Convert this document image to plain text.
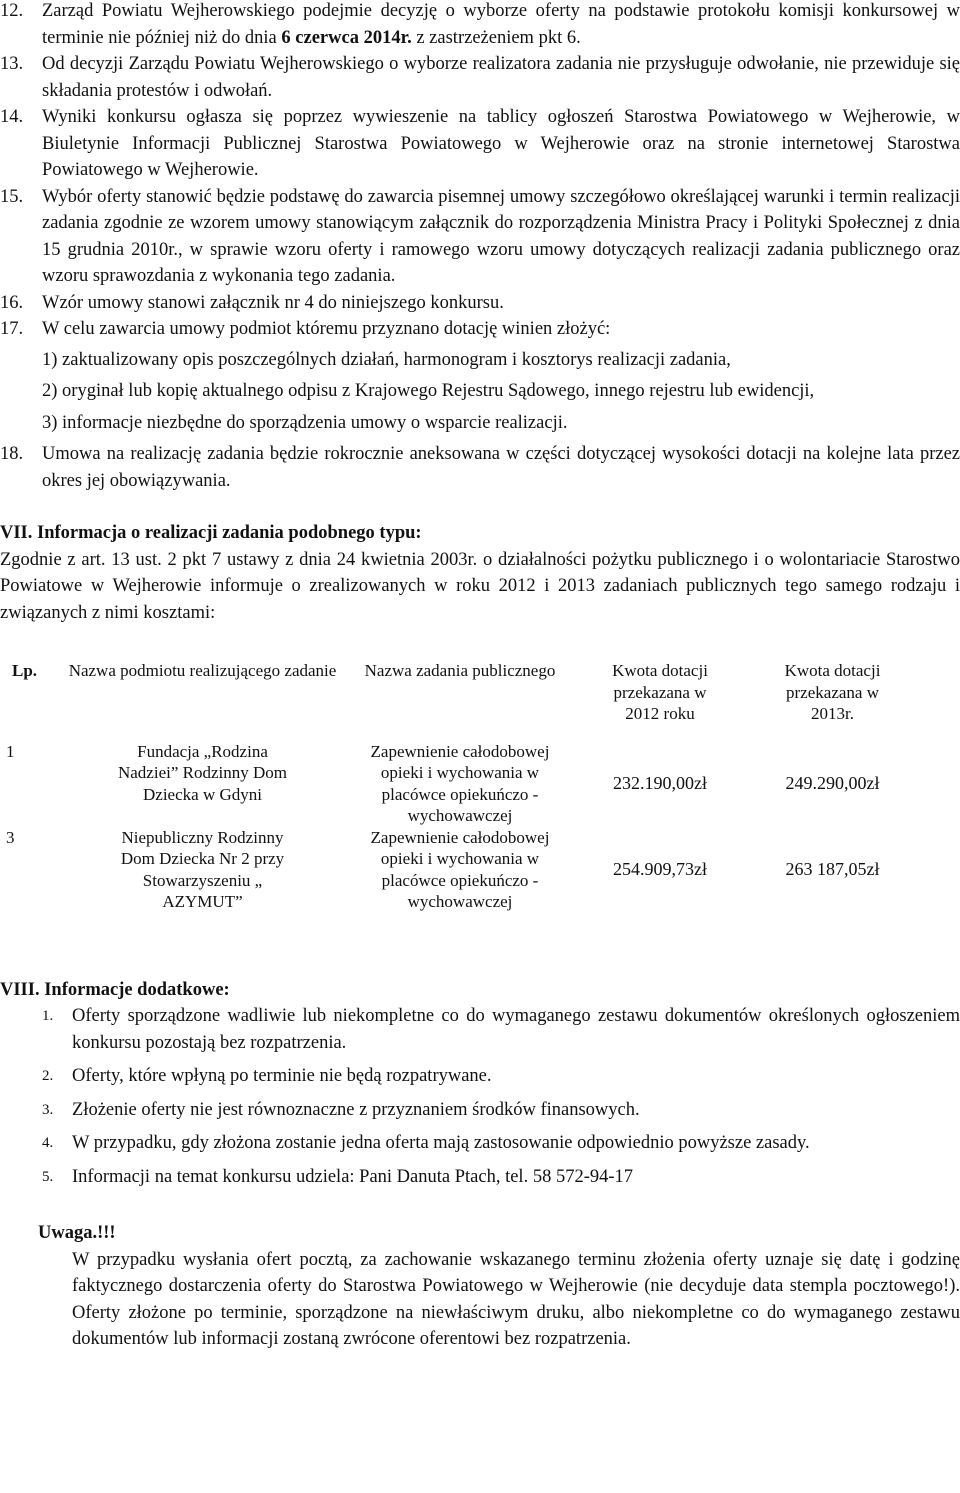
12. Zarząd Powiatu Wejherowskiego podejmie decyzję o wyborze oferty na podstawie protokołu komisji konkursowej w terminie nie później niż do dnia 6 czerwca 2014r. z zastrzeżeniem pkt 6.
13. Od decyzji Zarządu Powiatu Wejherowskiego o wyborze realizatora zadania nie przysługuje odwołanie, nie przewiduje się składania protestów i odwołań.
14. Wyniki konkursu ogłasza się poprzez wywieszenie na tablicy ogłoszeń Starostwa Powiatowego w Wejherowie, w Biuletynie Informacji Publicznej Starostwa Powiatowego w Wejherowie oraz na stronie internetowej Starostwa Powiatowego w Wejherowie.
15. Wybór oferty stanowić będzie podstawę do zawarcia pisemnej umowy szczegółowo określającej warunki i termin realizacji zadania zgodnie ze wzorem umowy stanowiącym załącznik do rozporządzenia Ministra Pracy i Polityki Społecznej z dnia 15 grudnia 2010r., w sprawie wzoru oferty i ramowego wzoru umowy dotyczących realizacji zadania publicznego oraz wzoru sprawozdania z wykonania tego zadania.
16. Wzór umowy stanowi załącznik nr 4 do niniejszego konkursu.
17. W celu zawarcia umowy podmiot któremu przyznano dotację winien złożyć:
1) zaktualizowany opis poszczególnych działań, harmonogram i kosztorys realizacji zadania,
2) oryginał lub kopię aktualnego odpisu z Krajowego Rejestru Sądowego, innego rejestru lub ewidencji,
3) informacje niezbędne do sporządzenia umowy o wsparcie realizacji.
18. Umowa na realizację zadania będzie rokrocznie aneksowana w części dotyczącej wysokości dotacji na kolejne lata przez okres jej obowiązywania.
VII. Informacja o realizacji zadania podobnego typu:
Zgodnie z art. 13 ust. 2 pkt 7 ustawy z dnia 24 kwietnia 2003r. o działalności pożytku publicznego i o wolontariacie Starostwo Powiatowe w Wejherowie informuje o zrealizowanych w roku 2012 i 2013 zadaniach publicznych tego samego rodzaju i związanych z nimi kosztami:
Lp.	Nazwa podmiotu realizującego zadanie	Nazwa zadania publicznego	Kwota dotacji przekazana w 2012 roku	Kwota dotacji przekazana w 2013r.
1	Fundacja „Rodzina Nadziei” Rodzinny Dom Dziecka w Gdyni	Zapewnienie całodobowej opieki i wychowania w placówce opiekuńczo - wychowawczej	232.190,00zł	249.290,00zł
3	Niepubliczny Rodzinny Dom Dziecka Nr 2 przy Stowarzyszeniu „ AZYMUT”	Zapewnienie całodobowej opieki i wychowania w placówce opiekuńczo - wychowawczej	254.909,73zł	263 187,05zł
VIII. Informacje dodatkowe:
1. Oferty sporządzone wadliwie lub niekompletne co do wymaganego zestawu dokumentów określonych ogłoszeniem konkursu pozostają bez rozpatrzenia.
2. Oferty, które wpłyną po terminie nie będą rozpatrywane.
3. Złożenie oferty nie jest równoznaczne z przyznaniem środków finansowych.
4. W przypadku, gdy złożona zostanie jedna oferta mają zastosowanie odpowiednio powyższe zasady.
5. Informacji na temat konkursu udziela: Pani Danuta Ptach, tel. 58 572-94-17
Uwaga.!!!
W przypadku wysłania ofert pocztą, za zachowanie wskazanego terminu złożenia oferty uznaje się datę i godzinę faktycznego dostarczenia oferty do Starostwa Powiatowego w Wejherowie (nie decyduje data stempla pocztowego!). Oferty złożone po terminie, sporządzone na niewłaściwym druku, albo niekompletne co do wymaganego zestawu dokumentów lub informacji zostaną zwrócone oferentowi bez rozpatrzenia.
